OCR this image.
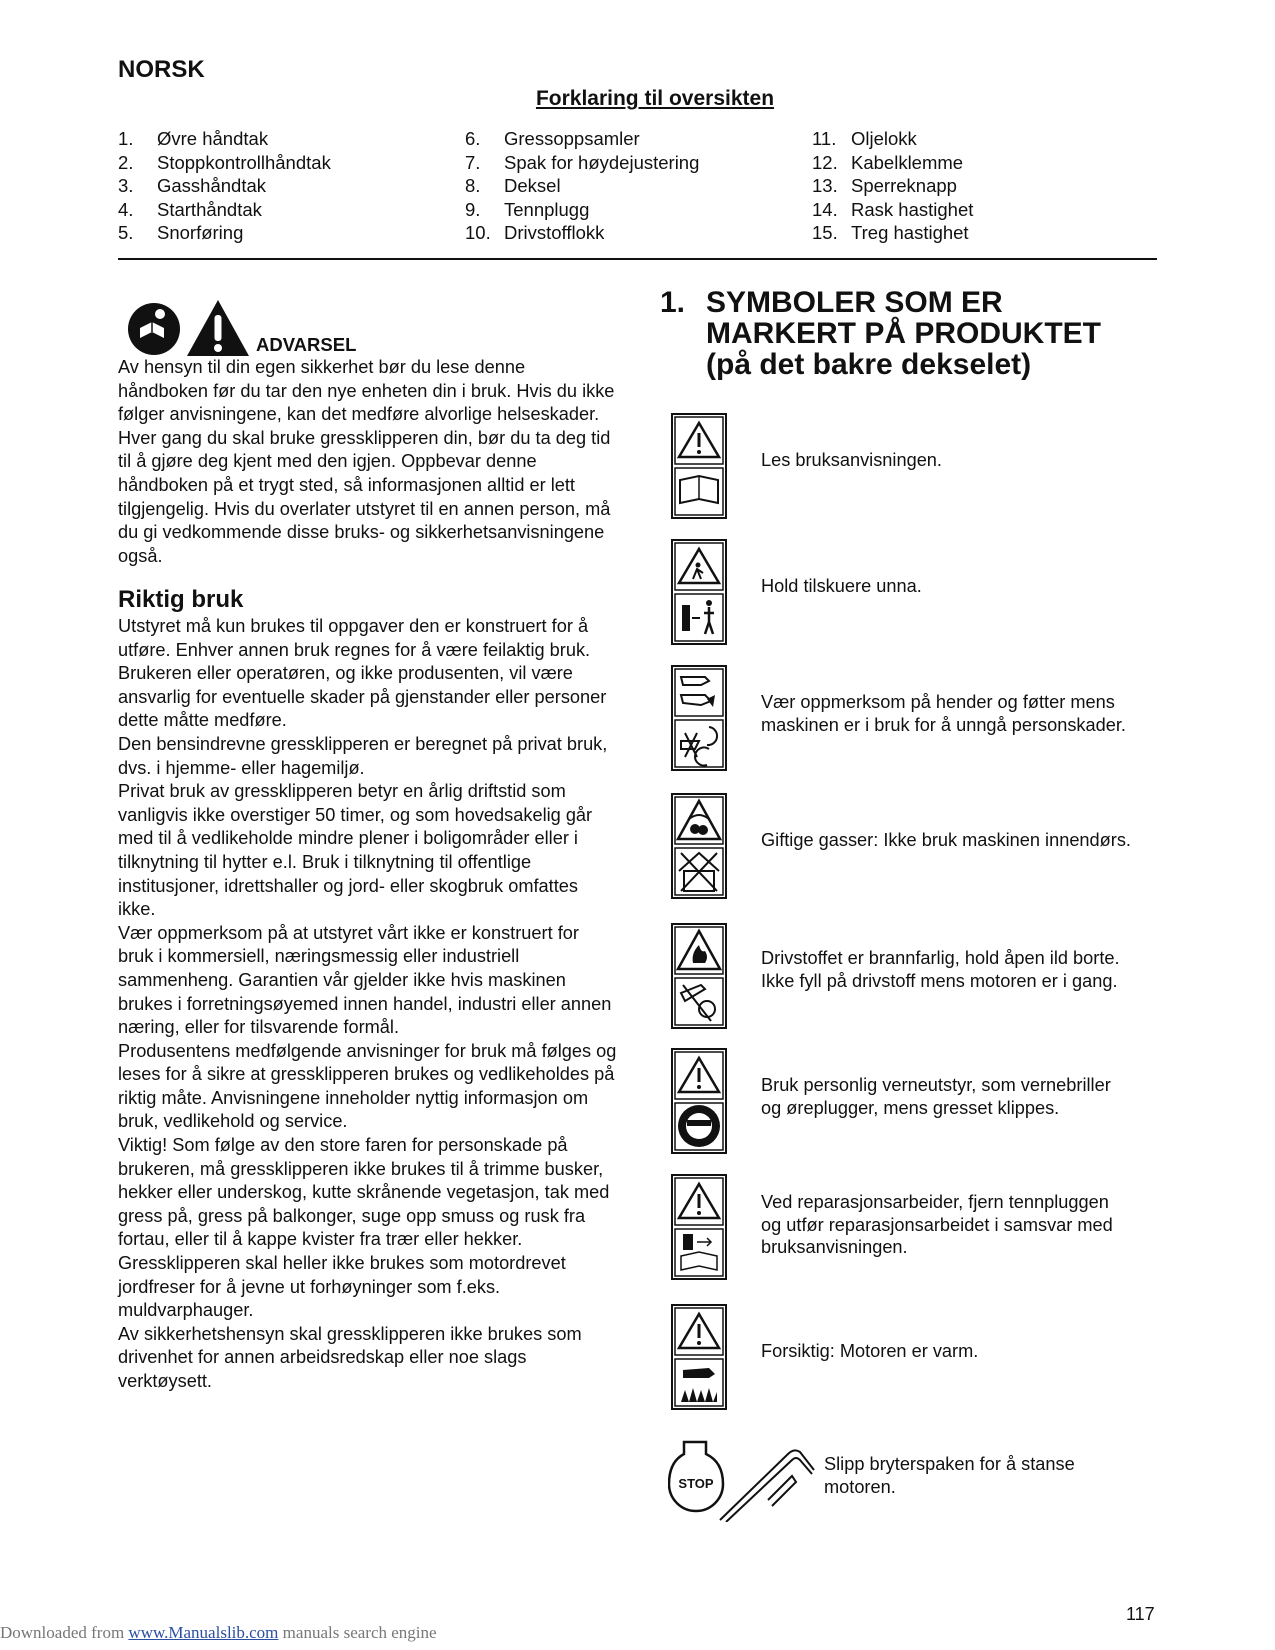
NORSK
Forklaring til oversikten
1.	Øvre håndtak
2.	Stoppkontrollhåndtak
3.	Gasshåndtak
4.	Starthåndtak
5.	Snorføring
6.	Gressoppsamler
7.	Spak for høydejustering
8.	Deksel
9.	Tennplugg
10. Drivstofflokk
11. Oljelokk
12. Kabelklemme
13. Sperreknapp
14. Rask hastighet
15. Treg hastighet
ADVARSEL

Av hensyn til din egen sikkerhet bør du lese denne håndboken før du tar den nye enheten din i bruk. Hvis du ikke følger anvisningene, kan det medføre alvorlige helseskader. Hver gang du skal bruke gressklipperen din, bør du ta deg tid til å gjøre deg kjent med den igjen. Oppbevar denne håndboken på et trygt sted, så informasjonen alltid er lett tilgjengelig. Hvis du overlater utstyret til en annen person, må du gi vedkommende disse bruks- og sikkerhetsanvisningene også.

Riktig bruk

Utstyret må kun brukes til oppgaver den er konstruert for å utføre. Enhver annen bruk regnes for å være feilaktig bruk. Brukeren eller operatøren, og ikke produsenten, vil være ansvarlig for eventuelle skader på gjenstander eller personer dette måtte medføre.

Den bensindrevne gressklipperen er beregnet på privat bruk, dvs. i hjemme- eller hagemiljø.

Privat bruk av gressklipperen betyr en årlig driftstid som vanligvis ikke overstiger 50 timer, og som hovedsakelig går med til å vedlikeholde mindre plener i boligområder eller i tilknytning til hytter e.l. Bruk i tilknytning til offentlige institusjoner, idrettshaller og jord- eller skogbruk omfattes ikke.

Vær oppmerksom på at utstyret vårt ikke er konstruert for bruk i kommersiell, næringsmessig eller industriell sammenheng. Garantien vår gjelder ikke hvis maskinen brukes i forretningsøyemed innen handel, industri eller annen næring, eller for tilsvarende formål.

Produsentens medfølgende anvisninger for bruk må følges og leses for å sikre at gressklipperen brukes og vedlikeholdes på riktig måte. Anvisningene inneholder nyttig informasjon om bruk, vedlikehold og service.

Viktig! Som følge av den store faren for personskade på brukeren, må gressklipperen ikke brukes til å trimme busker, hekker eller underskog, kutte skrånende vegetasjon, tak med gress på, gress på balkonger, suge opp smuss og rusk fra fortau, eller til å kappe kvister fra trær eller hekker. Gressklipperen skal heller ikke brukes som motordrevet jordfreser for å jevne ut forhøyninger som f.eks. muldvarphauger.

Av sikkerhetshensyn skal gressklipperen ikke brukes som drivenhet for annen arbeidsredskap eller noe slags verktøysett.

1. SYMBOLER SOM ER
MARKERT PÅ PRODUKTET
(på det bakre dekselet)
Les bruksanvisningen.
Hold tilskuere unna.
Vær oppmerksom på hender og føtter mens
maskinen er i bruk for å unngå personskader.
Giftige gasser: Ikke bruk maskinen innendørs.
Drivstoffet er brannfarlig, hold åpen ild borte.
Ikke fyll på drivstoff mens motoren er i gang.
Bruk personlig verneutstyr, som vernebriller
og øreplugger, mens gresset klippes.
Ved reparasjonsarbeider, fjern tennpluggen
og utfør reparasjonsarbeidet i samsvar med
bruksanvisningen.
Forsiktig: Motoren er varm.
STOP
Slipp bryterspaken for å stanse
motoren.
117
Downloaded from www.Manualslib.com manuals search engine
